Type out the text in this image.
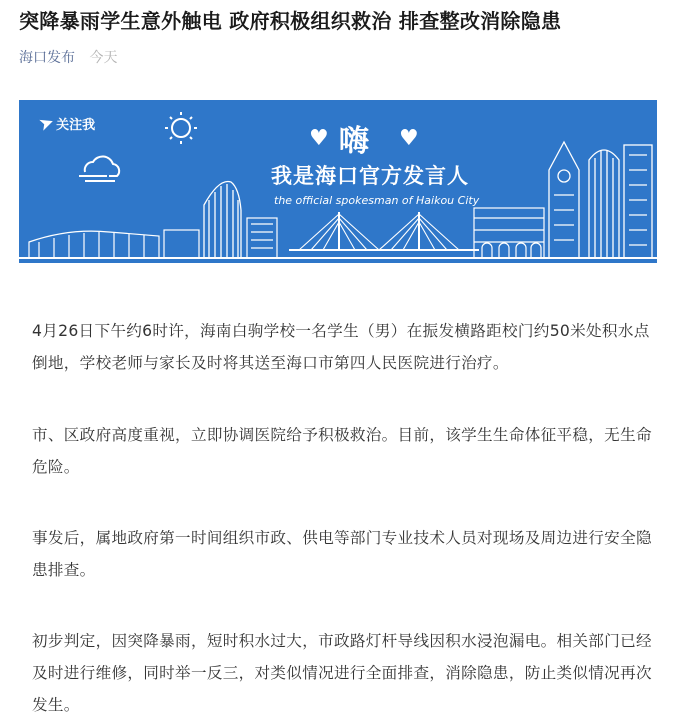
突降暴雨学生意外触电 政府积极组织救治 排查整改消除隐患
海口发布 今天
➤
关注我
♥ 嗨 ♥
我是海口官方发言人
the official spokesman of Haikou City
4月26日下午约6时许，海南白驹学校一名学生（男）在振发横路距校门约50米处积水点倒地，学校老师与家长及时将其送至海口市第四人民医院进行治疗。
市、区政府高度重视，立即协调医院给予积极救治。目前，该学生生命体征平稳，无生命危险。
事发后，属地政府第一时间组织市政、供电等部门专业技术人员对现场及周边进行安全隐患排查。
初步判定，因突降暴雨，短时积水过大，市政路灯杆导线因积水浸泡漏电。相关部门已经及时进行维修，同时举一反三，对类似情况进行全面排查，消除隐患，防止类似情况再次发生。
